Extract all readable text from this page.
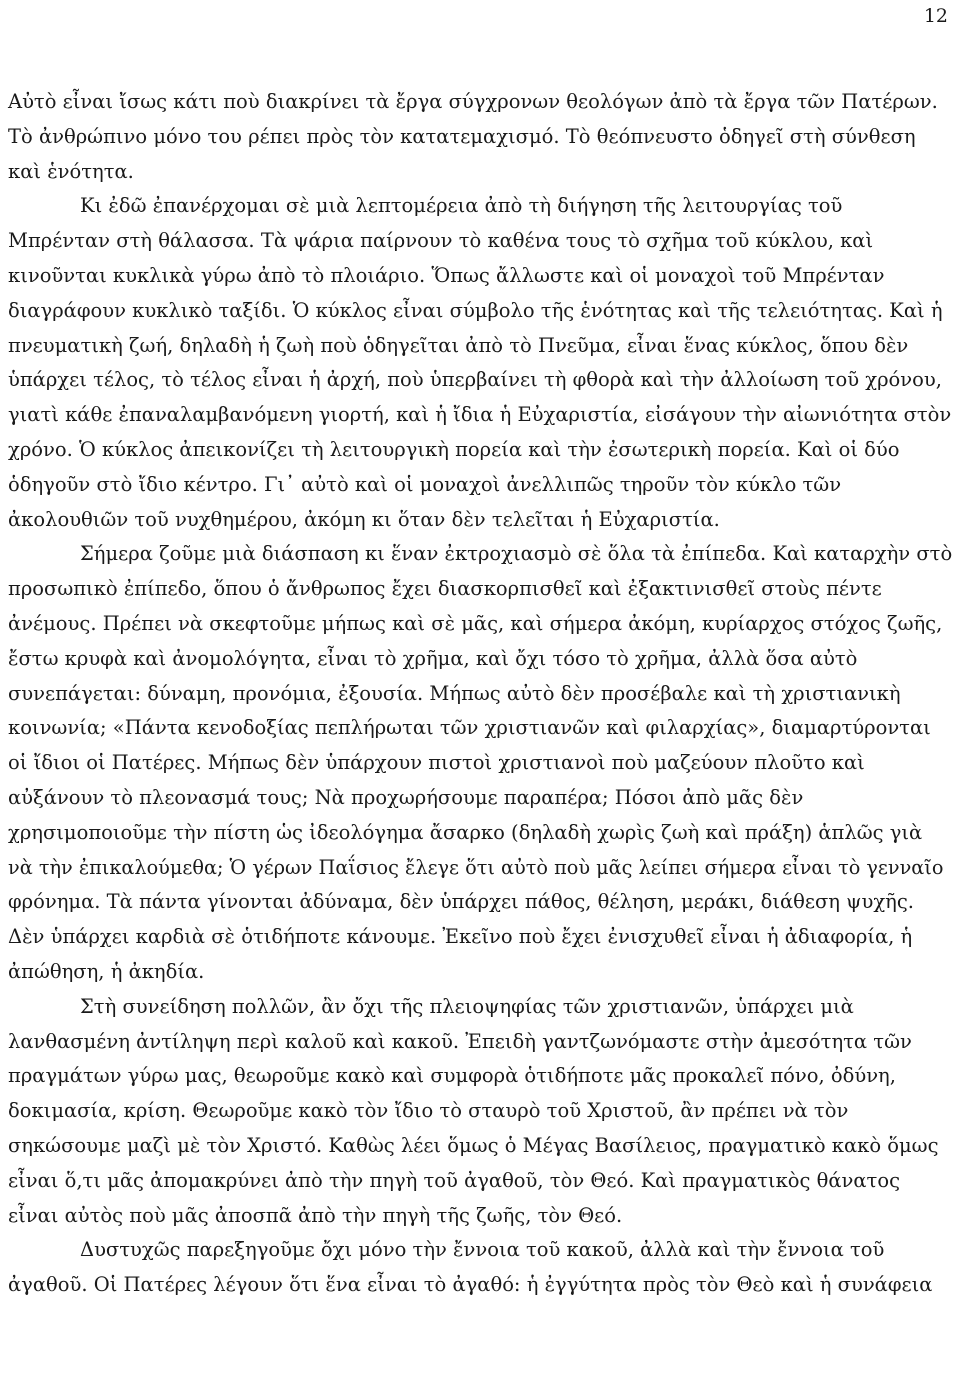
12
Αὐτὸ εἶναι ἴσως κάτι ποὺ διακρίνει τὰ ἔργα σύγχρονων θεολόγων ἀπὸ τὰ ἔργα τῶν Πατέρων.
Τὸ ἀνθρώπινο μόνο του ρέπει πρὸς τὸν κατατεμαχισμό. Τὸ θεόπνευστο ὁδηγεῖ στὴ σύνθεση
καὶ ἑνότητα.
Κι ἐδῶ ἐπανέρχομαι σὲ μιὰ λεπτομέρεια ἀπὸ τὴ διήγηση τῆς λειτουργίας τοῦ
Μπρένταν στὴ θάλασσα. Τὰ ψάρια παίρνουν τὸ καθένα τους τὸ σχῆμα τοῦ κύκλου, καὶ
κινοῦνται κυκλικὰ γύρω ἀπὸ τὸ πλοιάριο. Ὅπως ἄλλωστε καὶ οἱ μοναχοὶ τοῦ Μπρένταν
διαγράφουν κυκλικὸ ταξίδι. Ὁ κύκλος εἶναι σύμβολο τῆς ἑνότητας καὶ τῆς τελειότητας. Καὶ ἡ
πνευματικὴ ζωή, δηλαδὴ ἡ ζωὴ ποὺ ὁδηγεῖται ἀπὸ τὸ Πνεῦμα, εἶναι ἕνας κύκλος, ὅπου δὲν
ὑπάρχει τέλος, τὸ τέλος εἶναι ἡ ἀρχή, ποὺ ὑπερβαίνει τὴ φθορὰ καὶ τὴν ἀλλοίωση τοῦ χρόνου,
γιατὶ κάθε ἐπαναλαμβανόμενη γιορτή, καὶ ἡ ἴδια ἡ Εὐχαριστία, εἰσάγουν τὴν αἰωνιότητα στὸν
χρόνο. Ὁ κύκλος ἀπεικονίζει τὴ λειτουργικὴ πορεία καὶ τὴν ἐσωτερικὴ πορεία. Καὶ οἱ δύο
ὁδηγοῦν στὸ ἴδιο κέντρο. Γι᾽ αὐτὸ καὶ οἱ μοναχοὶ ἀνελλιπῶς τηροῦν τὸν κύκλο τῶν
ἀκολουθιῶν τοῦ νυχθημέρου, ἀκόμη κι ὅταν δὲν τελεῖται ἡ Εὐχαριστία.
Σήμερα ζοῦμε μιὰ διάσπαση κι ἕναν ἐκτροχιασμὸ σὲ ὅλα τὰ ἐπίπεδα. Καὶ καταρχὴν στὸ
προσωπικὸ ἐπίπεδο, ὅπου ὁ ἄνθρωπος ἔχει διασκορπισθεῖ καὶ ἐξακτινισθεῖ στοὺς πέντε
ἀνέμους. Πρέπει νὰ σκεφτοῦμε μήπως καὶ σὲ μᾶς, καὶ σήμερα ἀκόμη, κυρίαρχος στόχος ζωῆς,
ἔστω κρυφὰ καὶ ἀνομολόγητα, εἶναι τὸ χρῆμα, καὶ ὄχι τόσο τὸ χρῆμα, ἀλλὰ ὅσα αὐτὸ
συνεπάγεται: δύναμη, προνόμια, ἐξουσία. Μήπως αὐτὸ δὲν προσέβαλε καὶ τὴ χριστιανικὴ
κοινωνία; «Πάντα κενοδοξίας πεπλήρωται τῶν χριστιανῶν καὶ φιλαρχίας», διαμαρτύρονται
οἱ ἴδιοι οἱ Πατέρες. Μήπως δὲν ὑπάρχουν πιστοὶ χριστιανοὶ ποὺ μαζεύουν πλοῦτο καὶ
αὐξάνουν τὸ πλεονασμά τους; Νὰ προχωρήσουμε παραπέρα; Πόσοι ἀπὸ μᾶς δὲν
χρησιμοποιοῦμε τὴν πίστη ὡς ἰδεολόγημα ἄσαρκο (δηλαδὴ χωρὶς ζωὴ καὶ πράξη) ἁπλῶς γιὰ
νὰ τὴν ἐπικαλούμεθα; Ὁ γέρων Παΐσιος ἔλεγε ὅτι αὐτὸ ποὺ μᾶς λείπει σήμερα εἶναι τὸ γενναῖο
φρόνημα. Τὰ πάντα γίνονται ἀδύναμα, δὲν ὑπάρχει πάθος, θέληση, μεράκι, διάθεση ψυχῆς.
Δὲν ὑπάρχει καρδιὰ σὲ ὁτιδήποτε κάνουμε. Ἐκεῖνο ποὺ ἔχει ἐνισχυθεῖ εἶναι ἡ ἀδιαφορία, ἡ
ἀπώθηση, ἡ ἀκηδία.
Στὴ συνείδηση πολλῶν, ἂν ὄχι τῆς πλειοψηφίας τῶν χριστιανῶν, ὑπάρχει μιὰ
λανθασμένη ἀντίληψη περὶ καλοῦ καὶ κακοῦ. Ἐπειδὴ γαντζωνόμαστε στὴν ἀμεσότητα τῶν
πραγμάτων γύρω μας, θεωροῦμε κακὸ καὶ συμφορὰ ὁτιδήποτε μᾶς προκαλεῖ πόνο, ὀδύνη,
δοκιμασία, κρίση. Θεωροῦμε κακὸ τὸν ἴδιο τὸ σταυρὸ τοῦ Χριστοῦ, ἂν πρέπει νὰ τὸν
σηκώσουμε μαζὶ μὲ τὸν Χριστό. Καθὼς λέει ὅμως ὁ Μέγας Βασίλειος, πραγματικὸ κακὸ ὅμως
εἶναι ὅ,τι μᾶς ἀπομακρύνει ἀπὸ τὴν πηγὴ τοῦ ἀγαθοῦ, τὸν Θεό. Καὶ πραγματικὸς θάνατος
εἶναι αὐτὸς ποὺ μᾶς ἀποσπᾶ ἀπὸ τὴν πηγὴ τῆς ζωῆς, τὸν Θεό.
Δυστυχῶς παρεξηγοῦμε ὄχι μόνο τὴν ἔννοια τοῦ κακοῦ, ἀλλὰ καὶ τὴν ἔννοια τοῦ
ἀγαθοῦ. Οἱ Πατέρες λέγουν ὅτι ἕνα εἶναι τὸ ἀγαθό: ἡ ἐγγύτητα πρὸς τὸν Θεὸ καὶ ἡ συνάφεια
